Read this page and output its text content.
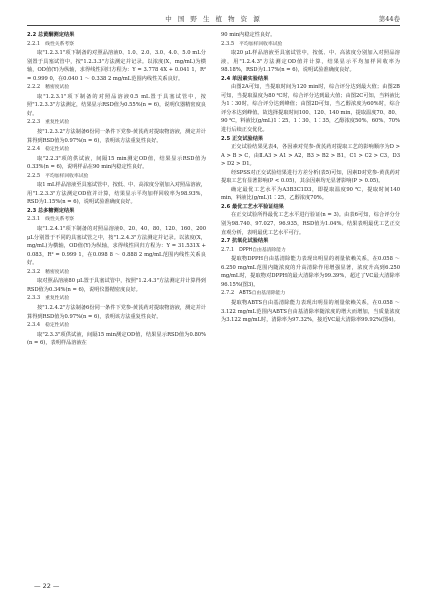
中 国 野 生 植 物 资 源	第44卷

2.2 总黄酮测定结果

2.2.1 线性关系考察

取"1.2.3.1"项下制备的对照品溶液0、1.0、2.0、3.0、4.0、5.0 mL分别置于具塞试管中，按"1.2.3.3"方法测定并记录。以浓度(X，mg/mL)为横轴，OD值(Y)为纵轴，求得线性回归方程为：Y = 3.778 4X + 0.041 1，R² = 0.999 0，在0.040 1 ～ 0.338 2 mg/mL范围内线性关系良好。

2.2.2 精密度试验

取"1.2.3.1"项下制备的对照品溶液0.5 mL置于具塞试管中，按照"1.2.3.3"方法测定，结果显示RSD值为0.55%(n = 6)，说明仪器精密度良好。

2.2.3 重复性试验

按"1.2.3.2"方法制备6份同一条件下党参-黄芪药对提取物溶液，测定并计算得到RSD值为0.97%(n = 6)，表明该方法重复性良好。

2.2.4 稳定性试验

取"2.2.3"项的供试液，间隔15 min测定OD值，结果显示RSD值为0.33%(n = 6)，说明样品在90 min内稳定性良好。

2.2.5 平均加样回收率试验

取1 mL样品溶液至具塞试管中，按低、中、高浓度分别加入对照品溶液，用"1.2.3.3"方法测定OD值并计算，结果显示平均加样回收率为98.93%，RSD为1.15%(n = 6)，说明试验准确度良好。

2.3 总多糖测定结果

2.3.1 线性关系考察

取"1.2.4.1"项下制备的对照品溶液0、20、40、80、120、160、200 μL分别置于不同的具塞试管之中，按"1.2.4.3"方法测定并记录。以浓度(X，mg/mL)为横轴，OD值(Y)为纵轴，求得线性回归方程为：Y = 31.531X + 0.083，R² = 0.999 1，在0.098 8 ～ 0.888 2 mg/mL范围内线性关系良好。

2.3.2 精密度试验

取对照品溶液80 μL置于具塞试管中，按照"1.2.4.3"方法测定并计算得到RSD值为0.34%(n = 6)，说明仪器精密度良好。

2.3.3 重复性试验

按"1.2.4.2"方法制备6份同一条件下党参-黄芪药对提取物溶液，测定并计算得到RSD值为0.97%(n = 6)，表明该方法重复性良好。

2.3.4 稳定性试验

取"2.3.3"项供试液，间隔15 min测定OD值，结果显示RSD值为0.80%(n = 6)，表明样品溶液在

90 min内稳定性良好。

2.3.5 平均加样回收率试验

取20 μL样品溶液至具塞试管中，按低、中、高浓度分别加入对照品溶液，用"1.2.4.3"方法测定OD值并计算，结果显示平均加样回收率为98.18%，RSD为1.17%(n = 6)，说明试验准确度良好。

2.4 单因素实验结果

由图2A可知，当提取时间为120 min时，综合评分达到最大值；由图2B可知，当提取温度为80 ℃时，综合评分达到最大值；由图2C可知，当料液比为1∶30时，综合评分达到峰值；由图2D可知，当乙醇浓度为60%时，综合评分本达到峰值。故选择提取时间100、120、140 min，提取温度70、80、90 ℃，料液比(g/mL)1∶25、1∶30、1∶35，乙醇浓度50%、60%、70%进行后续正交优化。

2.5 正交试验结果

正交试验结果见表4，各因素对党参-黄芪药对提取工艺的影响顺序为D > A > B > C，由Ⅱ.A3 > A1 > A2，B3 > B2 > B1，C1 > C2 > C3，D3 > D2 > D1。

经SPSS对正交试验结果进行方差分析(表5)可知，因素D对党参-黄芪药对提取工艺有显著影响(P < 0.05)，其余因素均无显著影响(P > 0.05)。

确定最优工艺水平为A3B3C1D3，即提取温度90 ℃，提取时间140 min，料液比(g/mL)1∶25，乙醇浓度70%。

2.6 最优工艺水平验证结果

在正交试验所得最优工艺水平进行验证(n = 3)。由表6可知，综合评分分别为98.740、97.027、96.935，RSD值为1.04%。结果表明最优工艺正交直观分析，表明最优工艺水平可行。

2.7 抗氧化试验结果

2.7.1 DPPH自由基清除能力

提取物DPPH自由基清除能力表现出明显的剂量依赖关系，在0.058 ～ 6.250 mg/mL范围内随浓度的升高清除作用增强显著，浓度升高到6.250 mg/mL时，提取物对DPPH的最大清除率为99.39%，超过了VC最大清除率96.15%(图3)。

2.7.2 ABTS自由基清除能力

提取物ABTS自由基清除能力表现出明显的剂量依赖关系，在0.058 ～ 3.122 mg/mL范围内ABTS自由基清除率随浓度的增大而增加，当质量浓度为3.122 mg/mL时，清除率为97.32%，接近VC最大清除率99.92%(图4)。

— 22 —
